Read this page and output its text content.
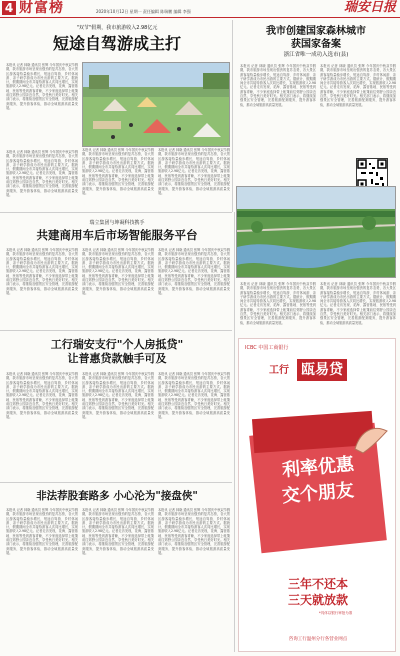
4 财富榜	2020年10月12日 星期一 责任编辑 陈瑞鹏 编辑 李强	瑞安日报
"双节"假期，我市旅游收入2.98亿元
短途自驾游成主打
本报讯 记者 林晓 通讯员 张辉 今年国庆中秋双节假期，我市旅游市场呈现出强劲的复苏态势，各大景区游客接待量稳步增长，短途自驾游、乡村休闲游、亲子研学游成为市民出游的主要方式。据统计，假期期间全市共接待游客人次同比增长，实现旅游收入2.98亿元。记者走访发现，花海、露营基地、民宿等受到游客青睐，不少家庭选择带上帐篷前往郊野公园亲近自然，享受秋日美好时光。相关部门表示，将继续加强景区安全管理，完善旅游配套服务，提升游客体验，推动全域旅游高质量发展。
本报讯 记者 林晓 通讯员 张辉 今年国庆中秋双节假期，我市旅游市场呈现出强劲的复苏态势，各大景区游客接待量稳步增长，短途自驾游、乡村休闲游、亲子研学游成为市民出游的主要方式。据统计，假期期间全市共接待游客人次同比增长，实现旅游收入2.98亿元。记者走访发现，花海、露营基地、民宿等受到游客青睐，不少家庭选择带上帐篷前往郊野公园亲近自然，享受秋日美好时光。相关部门表示，将继续加强景区安全管理，完善旅游配套服务，提升游客体验，推动全域旅游高质量发展。
本报讯 记者 林晓 通讯员 张辉 今年国庆中秋双节假期，我市旅游市场呈现出强劲的复苏态势，各大景区游客接待量稳步增长，短途自驾游、乡村休闲游、亲子研学游成为市民出游的主要方式。据统计，假期期间全市共接待游客人次同比增长，实现旅游收入2.98亿元。记者走访发现，花海、露营基地、民宿等受到游客青睐，不少家庭选择带上帐篷前往郊野公园亲近自然，享受秋日美好时光。相关部门表示，将继续加强景区安全管理，完善旅游配套服务，提升游客体验，推动全域旅游高质量发展。
本报讯 记者 林晓 通讯员 张辉 今年国庆中秋双节假期，我市旅游市场呈现出强劲的复苏态势，各大景区游客接待量稳步增长，短途自驾游、乡村休闲游、亲子研学游成为市民出游的主要方式。据统计，假期期间全市共接待游客人次同比增长，实现旅游收入2.98亿元。记者走访发现，花海、露营基地、民宿等受到游客青睐，不少家庭选择带上帐篷前往郊野公园亲近自然，享受秋日美好时光。相关部门表示，将继续加强景区安全管理，完善旅游配套服务，提升游客体验，推动全域旅游高质量发展。
我市创建国家森林城市
获国家备案
浙江省唯一成功入选市(县)
本报讯 记者 林晓 通讯员 张辉 今年国庆中秋双节假期，我市旅游市场呈现出强劲的复苏态势，各大景区游客接待量稳步增长，短途自驾游、乡村休闲游、亲子研学游成为市民出游的主要方式。据统计，假期期间全市共接待游客人次同比增长，实现旅游收入2.98亿元。记者走访发现，花海、露营基地、民宿等受到游客青睐，不少家庭选择带上帐篷前往郊野公园亲近自然，享受秋日美好时光。相关部门表示，将继续加强景区安全管理，完善旅游配套服务，提升游客体验，推动全域旅游高质量发展。
本报讯 记者 林晓 通讯员 张辉 今年国庆中秋双节假期，我市旅游市场呈现出强劲的复苏态势，各大景区游客接待量稳步增长，短途自驾游、乡村休闲游、亲子研学游成为市民出游的主要方式。据统计，假期期间全市共接待游客人次同比增长，实现旅游收入2.98亿元。记者走访发现，花海、露营基地、民宿等受到游客青睐，不少家庭选择带上帐篷前往郊野公园亲近自然，享受秋日美好时光。相关部门表示，将继续加强景区安全管理，完善旅游配套服务，提升游客体验，推动全域旅游高质量发展。
瑞立集团与坤凝科技携手
共建商用车后市场智能服务平台
本报讯 记者 林晓 通讯员 张辉 今年国庆中秋双节假期，我市旅游市场呈现出强劲的复苏态势，各大景区游客接待量稳步增长，短途自驾游、乡村休闲游、亲子研学游成为市民出游的主要方式。据统计，假期期间全市共接待游客人次同比增长，实现旅游收入2.98亿元。记者走访发现，花海、露营基地、民宿等受到游客青睐，不少家庭选择带上帐篷前往郊野公园亲近自然，享受秋日美好时光。相关部门表示，将继续加强景区安全管理，完善旅游配套服务，提升游客体验，推动全域旅游高质量发展。
本报讯 记者 林晓 通讯员 张辉 今年国庆中秋双节假期，我市旅游市场呈现出强劲的复苏态势，各大景区游客接待量稳步增长，短途自驾游、乡村休闲游、亲子研学游成为市民出游的主要方式。据统计，假期期间全市共接待游客人次同比增长，实现旅游收入2.98亿元。记者走访发现，花海、露营基地、民宿等受到游客青睐，不少家庭选择带上帐篷前往郊野公园亲近自然，享受秋日美好时光。相关部门表示，将继续加强景区安全管理，完善旅游配套服务，提升游客体验，推动全域旅游高质量发展。
本报讯 记者 林晓 通讯员 张辉 今年国庆中秋双节假期，我市旅游市场呈现出强劲的复苏态势，各大景区游客接待量稳步增长，短途自驾游、乡村休闲游、亲子研学游成为市民出游的主要方式。据统计，假期期间全市共接待游客人次同比增长，实现旅游收入2.98亿元。记者走访发现，花海、露营基地、民宿等受到游客青睐，不少家庭选择带上帐篷前往郊野公园亲近自然，享受秋日美好时光。相关部门表示，将继续加强景区安全管理，完善旅游配套服务，提升游客体验，推动全域旅游高质量发展。
本报讯 记者 林晓 通讯员 张辉 今年国庆中秋双节假期，我市旅游市场呈现出强劲的复苏态势，各大景区游客接待量稳步增长，短途自驾游、乡村休闲游、亲子研学游成为市民出游的主要方式。据统计，假期期间全市共接待游客人次同比增长，实现旅游收入2.98亿元。记者走访发现，花海、露营基地、民宿等受到游客青睐，不少家庭选择带上帐篷前往郊野公园亲近自然，享受秋日美好时光。相关部门表示，将继续加强景区安全管理，完善旅游配套服务，提升游客体验，推动全域旅游高质量发展。
本报讯 记者 林晓 通讯员 张辉 今年国庆中秋双节假期，我市旅游市场呈现出强劲的复苏态势，各大景区游客接待量稳步增长，短途自驾游、乡村休闲游、亲子研学游成为市民出游的主要方式。据统计，假期期间全市共接待游客人次同比增长，实现旅游收入2.98亿元。记者走访发现，花海、露营基地、民宿等受到游客青睐，不少家庭选择带上帐篷前往郊野公园亲近自然，享受秋日美好时光。相关部门表示，将继续加强景区安全管理，完善旅游配套服务，提升游客体验，推动全域旅游高质量发展。
工行瑞安支行"个人房抵贷"
让普惠贷款触手可及
本报讯 记者 林晓 通讯员 张辉 今年国庆中秋双节假期，我市旅游市场呈现出强劲的复苏态势，各大景区游客接待量稳步增长，短途自驾游、乡村休闲游、亲子研学游成为市民出游的主要方式。据统计，假期期间全市共接待游客人次同比增长，实现旅游收入2.98亿元。记者走访发现，花海、露营基地、民宿等受到游客青睐，不少家庭选择带上帐篷前往郊野公园亲近自然，享受秋日美好时光。相关部门表示，将继续加强景区安全管理，完善旅游配套服务，提升游客体验，推动全域旅游高质量发展。
本报讯 记者 林晓 通讯员 张辉 今年国庆中秋双节假期，我市旅游市场呈现出强劲的复苏态势，各大景区游客接待量稳步增长，短途自驾游、乡村休闲游、亲子研学游成为市民出游的主要方式。据统计，假期期间全市共接待游客人次同比增长，实现旅游收入2.98亿元。记者走访发现，花海、露营基地、民宿等受到游客青睐，不少家庭选择带上帐篷前往郊野公园亲近自然，享受秋日美好时光。相关部门表示，将继续加强景区安全管理，完善旅游配套服务，提升游客体验，推动全域旅游高质量发展。
本报讯 记者 林晓 通讯员 张辉 今年国庆中秋双节假期，我市旅游市场呈现出强劲的复苏态势，各大景区游客接待量稳步增长，短途自驾游、乡村休闲游、亲子研学游成为市民出游的主要方式。据统计，假期期间全市共接待游客人次同比增长，实现旅游收入2.98亿元。记者走访发现，花海、露营基地、民宿等受到游客青睐，不少家庭选择带上帐篷前往郊野公园亲近自然，享受秋日美好时光。相关部门表示，将继续加强景区安全管理，完善旅游配套服务，提升游客体验，推动全域旅游高质量发展。
非法荐股套路多 小心沦为"接盘侠"
本报讯 记者 林晓 通讯员 张辉 今年国庆中秋双节假期，我市旅游市场呈现出强劲的复苏态势，各大景区游客接待量稳步增长，短途自驾游、乡村休闲游、亲子研学游成为市民出游的主要方式。据统计，假期期间全市共接待游客人次同比增长，实现旅游收入2.98亿元。记者走访发现，花海、露营基地、民宿等受到游客青睐，不少家庭选择带上帐篷前往郊野公园亲近自然，享受秋日美好时光。相关部门表示，将继续加强景区安全管理，完善旅游配套服务，提升游客体验，推动全域旅游高质量发展。
本报讯 记者 林晓 通讯员 张辉 今年国庆中秋双节假期，我市旅游市场呈现出强劲的复苏态势，各大景区游客接待量稳步增长，短途自驾游、乡村休闲游、亲子研学游成为市民出游的主要方式。据统计，假期期间全市共接待游客人次同比增长，实现旅游收入2.98亿元。记者走访发现，花海、露营基地、民宿等受到游客青睐，不少家庭选择带上帐篷前往郊野公园亲近自然，享受秋日美好时光。相关部门表示，将继续加强景区安全管理，完善旅游配套服务，提升游客体验，推动全域旅游高质量发展。
本报讯 记者 林晓 通讯员 张辉 今年国庆中秋双节假期，我市旅游市场呈现出强劲的复苏态势，各大景区游客接待量稳步增长，短途自驾游、乡村休闲游、亲子研学游成为市民出游的主要方式。据统计，假期期间全市共接待游客人次同比增长，实现旅游收入2.98亿元。记者走访发现，花海、露营基地、民宿等受到游客青睐，不少家庭选择带上帐篷前往郊野公园亲近自然，享受秋日美好时光。相关部门表示，将继续加强景区安全管理，完善旅游配套服务，提升游客体验，推动全域旅游高质量发展。
ICBC 中国工商银行
工行 瓯易贷
利率优惠
交个朋友
三年不还本
三天就放款
*具体以银行审批为准
咨询工行温州分行各营业网点
